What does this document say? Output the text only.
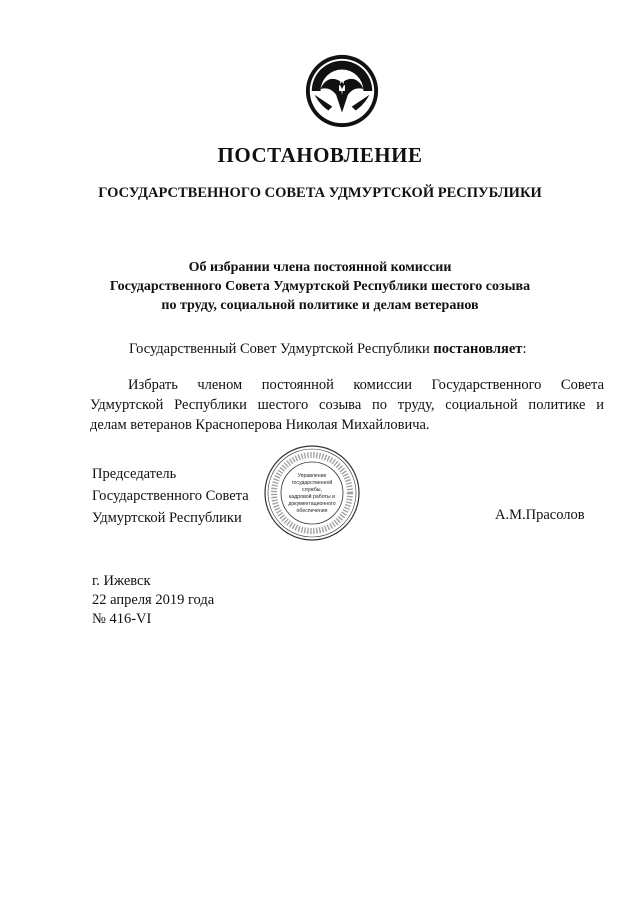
ПОСТАНОВЛЕНИЕ
ГОСУДАРСТВЕННОГО СОВЕТА УДМУРТСКОЙ РЕСПУБЛИКИ
Об избрании члена постоянной комиссии
Государственного Совета Удмуртской Республики шестого созыва
по труду, социальной политике и делам ветеранов
Государственный Совет Удмуртской Республики постановляет:
Избрать членом постоянной комиссии Государственного Совета
Удмуртской Республики шестого созыва по труду, социальной политике и
делам ветеранов Красноперова Николая Михайловича.
Председатель
Государственного Совета
Удмуртской Республики
Управление
государственной
службы,
кадровой работы и
документационного
обеспечения	А.М.Прасолов
г. Ижевск
22 апреля 2019 года
№ 416-VI
